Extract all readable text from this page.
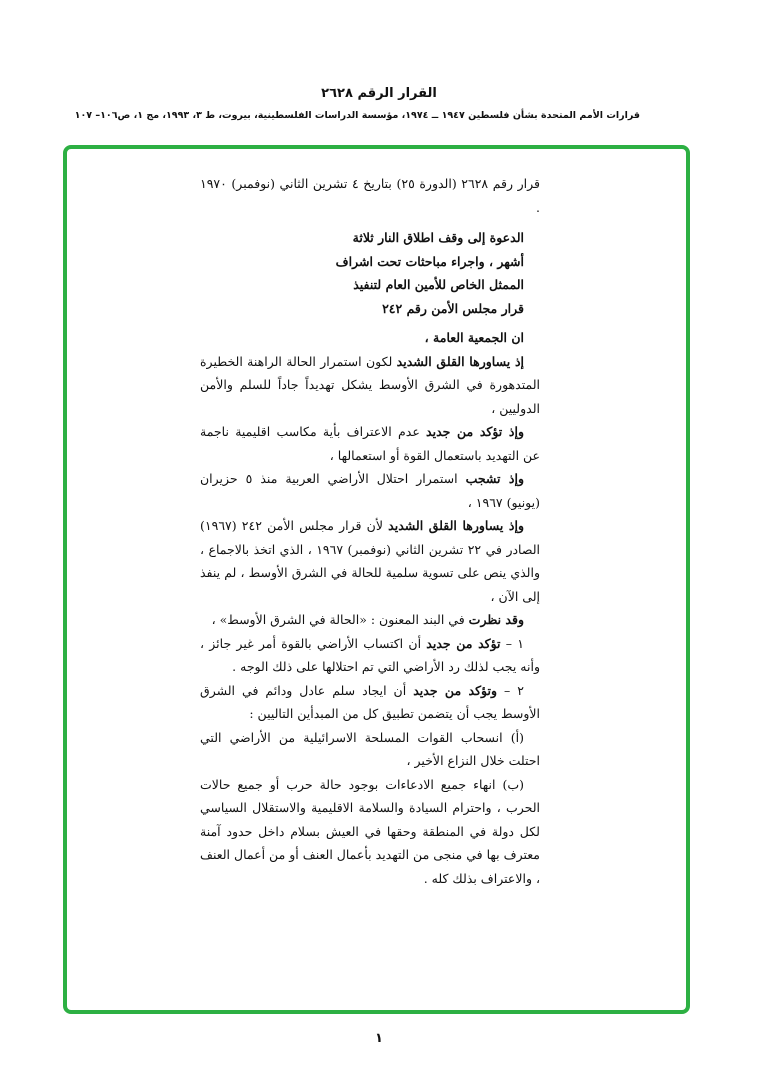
القرار الرقم ٢٦٢٨
قرارات الأمم المتحدة بشأن فلسطين ١٩٤٧ ــ ١٩٧٤، مؤسسة الدراسات الفلسطينية، بيروت، ط ٣، ١٩٩٣، مج ١، ص١٠٦– ١٠٧

قرار رقم ٢٦٢٨ (الدورة ٢٥) بتاريخ ٤ تشرين الثاني (نوفمبر) ١٩٧٠ .

الدعوة إلى وقف اطلاق النار ثلاثة
أشهر ، واجراء مباحثات تحت اشراف
الممثل الخاص للأمين العام لتنفيذ
قرار مجلس الأمن رقم ٢٤٢

ان الجمعية العامة ،

إذ يساورها القلق الشديد لكون استمرار الحالة الراهنة الخطيرة المتدهورة في الشرق الأوسط يشكل تهديداً جاداً للسلم والأمن الدوليين ،

وإذ تؤكد من جديد عدم الاعتراف بأية مكاسب اقليمية ناجمة عن التهديد باستعمال القوة أو استعمالها ،

وإذ تشجب استمرار احتلال الأراضي العربية منذ ٥ حزيران (يونيو) ١٩٦٧ ،

وإذ يساورها القلق الشديد لأن قرار مجلس الأمن ٢٤٢ (١٩٦٧) الصادر في ٢٢ تشرين الثاني (نوفمبر) ١٩٦٧ ، الذي اتخذ بالاجماع ، والذي ينص على تسوية سلمية للحالة في الشرق الأوسط ، لم ينفذ إلى الآن ،

وقد نظرت في البند المعنون : «الحالة في الشرق الأوسط» ،

١ – تؤكد من جديد أن اكتساب الأراضي بالقوة أمر غير جائز ، وأنه يجب لذلك رد الأراضي التي تم احتلالها على ذلك الوجه .

٢ – وتؤكد من جديد أن ايجاد سلم عادل ودائم في الشرق الأوسط يجب أن يتضمن تطبيق كل من المبدأين التاليين :

(أ) انسحاب القوات المسلحة الاسرائيلية من الأراضي التي احتلت خلال النزاع الأخير ،

(ب) انهاء جميع الادعاءات بوجود حالة حرب أو جميع حالات الحرب ، واحترام السيادة والسلامة الاقليمية والاستقلال السياسي لكل دولة في المنطقة وحقها في العيش بسلام داخل حدود آمنة معترف بها في منجى من التهديد بأعمال العنف أو من أعمال العنف ، والاعتراف بذلك كله .

١
